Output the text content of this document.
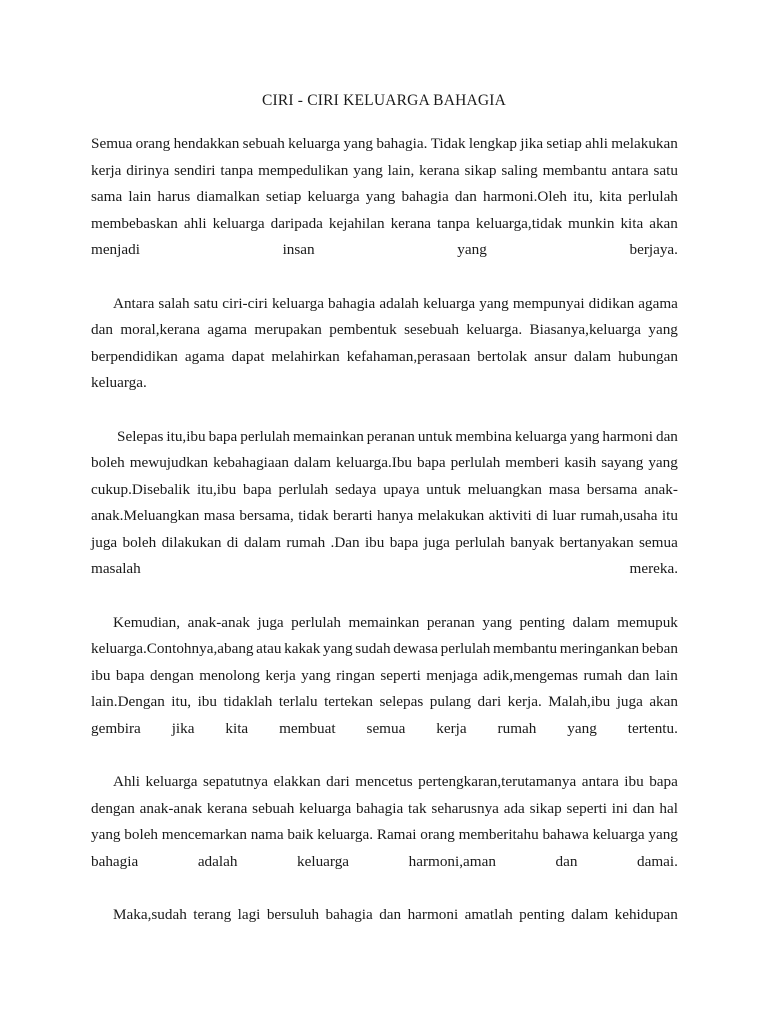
CIRI - CIRI KELUARGA BAHAGIA
Semua orang hendakkan sebuah keluarga yang bahagia. Tidak lengkap jika setiap ahli melakukan
kerja dirinya sendiri tanpa mempedulikan yang lain, kerana sikap saling membantu antara satu
sama lain harus diamalkan setiap keluarga yang bahagia dan harmoni.Oleh itu, kita perlulah
membebaskan ahli keluarga daripada kejahilan kerana tanpa keluarga,tidak munkin kita akan
menjadi	insan	yang	berjaya.
Antara salah satu ciri-ciri keluarga bahagia adalah keluarga yang mempunyai didikan agama
dan moral,kerana agama merupakan pembentuk sesebuah keluarga. Biasanya,keluarga yang
berpendidikan agama dapat melahirkan kefahaman,perasaan bertolak ansur dalam hubungan
keluarga.
Selepas itu,ibu bapa perlulah memainkan peranan untuk membina keluarga yang harmoni dan
boleh mewujudkan kebahagiaan dalam keluarga.Ibu bapa perlulah memberi kasih sayang yang
cukup.Disebalik itu,ibu bapa perlulah sedaya upaya untuk meluangkan masa bersama anak-
anak.Meluangkan masa bersama, tidak berarti hanya melakukan aktiviti di luar rumah,usaha itu
juga boleh dilakukan di dalam rumah .Dan ibu bapa juga perlulah banyak bertanyakan semua
masalah	mereka.
Kemudian, anak-anak juga perlulah memainkan peranan yang penting dalam memupuk
keluarga.Contohnya,abang atau kakak yang sudah dewasa perlulah membantu meringankan beban
ibu bapa dengan menolong kerja yang ringan seperti menjaga adik,mengemas rumah dan lain
lain.Dengan itu, ibu tidaklah terlalu tertekan selepas pulang dari kerja. Malah,ibu juga akan
gembira jika kita membuat semua kerja rumah yang tertentu.
Ahli keluarga sepatutnya elakkan dari mencetus pertengkaran,terutamanya antara ibu bapa
dengan anak-anak kerana sebuah keluarga bahagia tak seharusnya ada sikap seperti ini dan hal
yang boleh mencemarkan nama baik keluarga. Ramai orang memberitahu bahawa keluarga yang
bahagia	adalah	keluarga	harmoni,aman	dan	damai.
Maka,sudah terang lagi bersuluh bahagia dan harmoni amatlah penting dalam kehidupan
